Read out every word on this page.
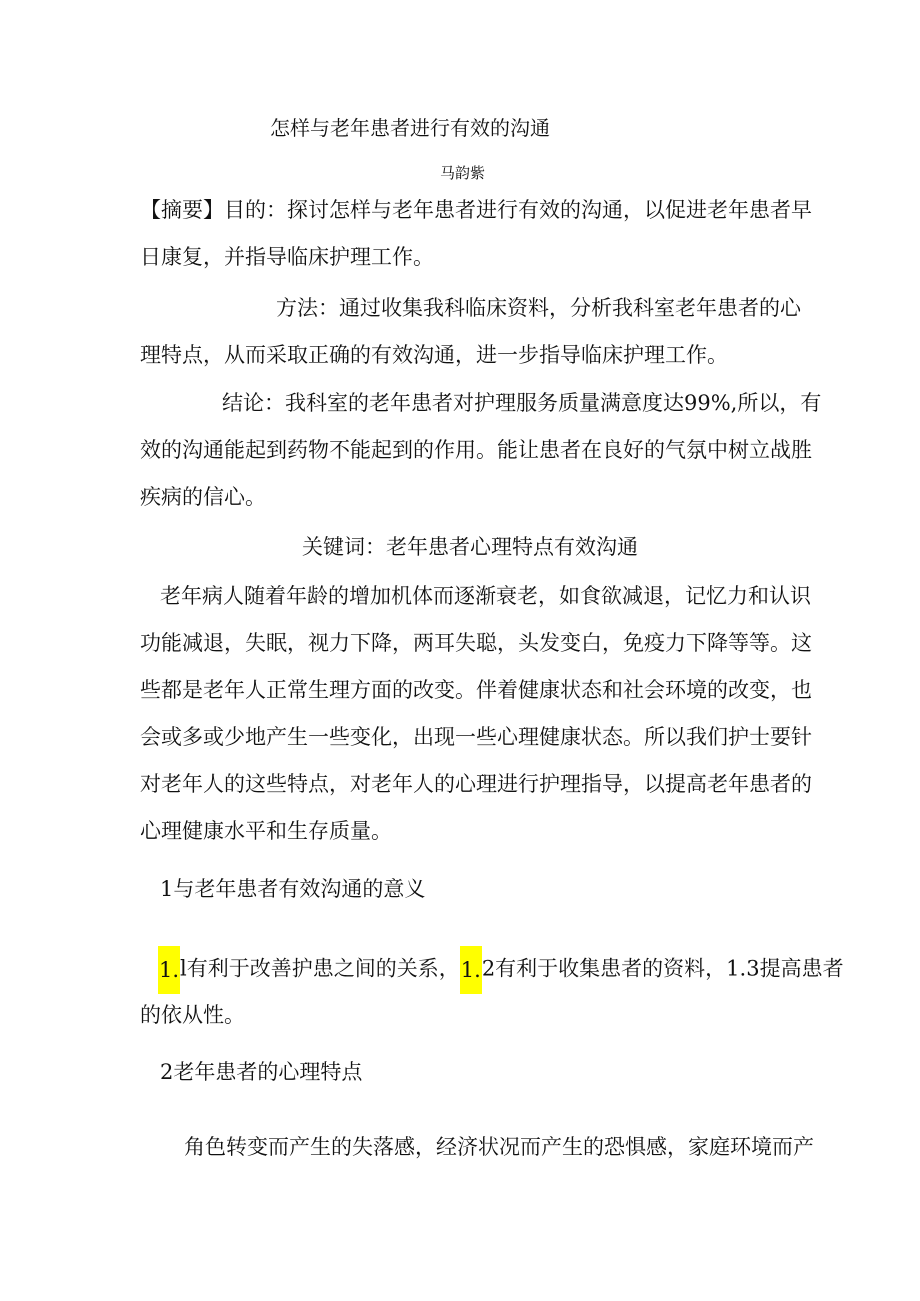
怎样与老年患者进行有效的沟通
马韵紫
【摘要】目的：探讨怎样与老年患者进行有效的沟通，以促进老年患者早
日康复，并指导临床护理工作。
方法：通过收集我科临床资料，分析我科室老年患者的心
理特点，从而采取正确的有效沟通，进一步指导临床护理工作。
结论：我科室的老年患者对护理服务质量满意度达99%,所以，有
效的沟通能起到药物不能起到的作用。能让患者在良好的气氛中树立战胜
疾病的信心。
关键词：老年患者心理特点有效沟通
老年病人随着年龄的增加机体而逐渐衰老，如食欲减退，记忆力和认识
功能减退，失眠，视力下降，两耳失聪，头发变白，免疫力下降等等。这
些都是老年人正常生理方面的改变。伴着健康状态和社会环境的改变，也
会或多或少地产生一些变化，出现一些心理健康状态。所以我们护士要针
对老年人的这些特点，对老年人的心理进行护理指导，以提高老年患者的
心理健康水平和生存质量。
1与老年患者有效沟通的意义
1.l有利于改善护患之间的关系，1.2有利于收集患者的资料，1.3提高患者
的依从性。
2老年患者的心理特点
角色转变而产生的失落感，经济状况而产生的恐惧感，家庭环境而产
